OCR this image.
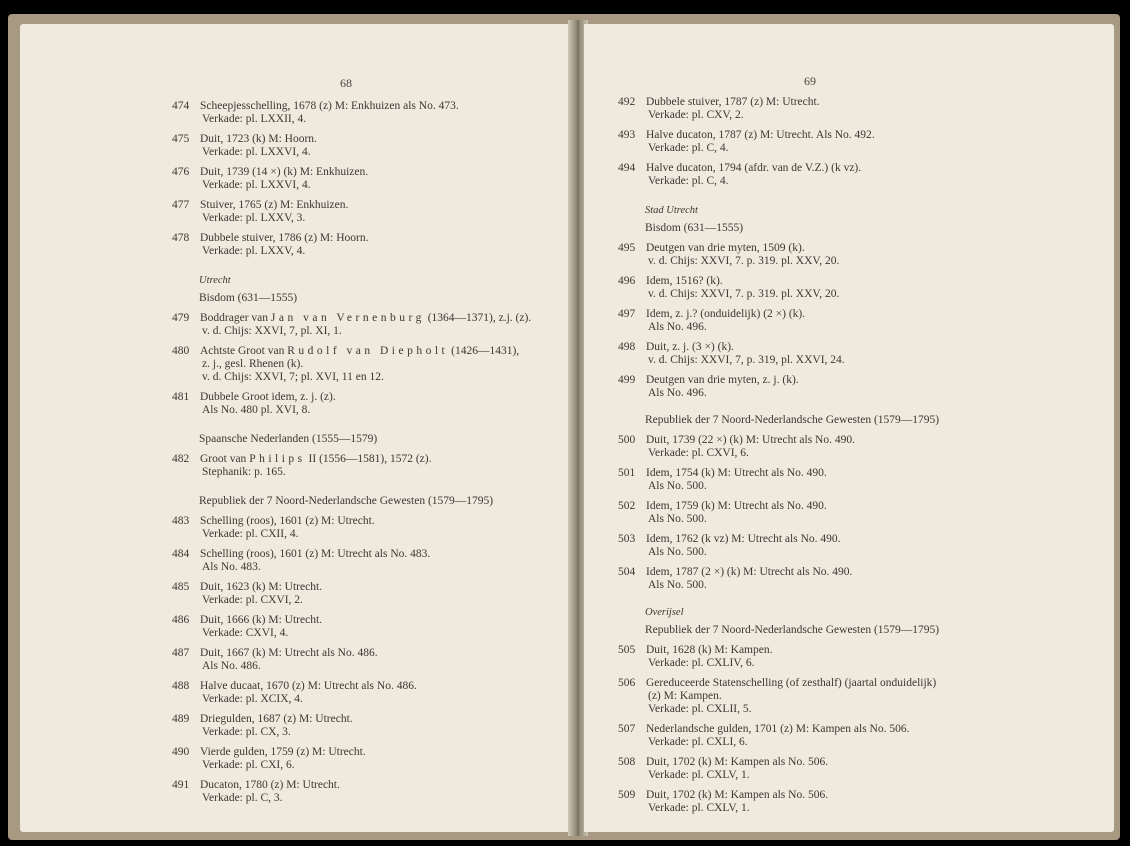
68
474 Scheepjesschelling, 1678 (z) M: Enkhuizen als No. 473.
Verkade: pl. LXXII, 4.
475 Duit, 1723 (k) M: Hoorn.
Verkade: pl. LXXVI, 4.
476 Duit, 1739 (14 ×) (k) M: Enkhuizen.
Verkade: pl. LXXVI, 4.
477 Stuiver, 1765 (z) M: Enkhuizen.
Verkade: pl. LXXV, 3.
478 Dubbele stuiver, 1786 (z) M: Hoorn.
Verkade: pl. LXXV, 4.
Utrecht
Bisdom (631—1555)
479 Boddrager van Jan van Vernenburg (1364—1371), z.j. (z).
v. d. Chijs: XXVI, 7, pl. XI, 1.
480 Achtste Groot van Rudolf van Diepholt (1426—1431),
z. j., gesl. Rhenen (k).
v. d. Chijs: XXVI, 7; pl. XVI, 11 en 12.
481 Dubbele Groot idem, z. j. (z).
Als No. 480 pl. XVI, 8.
Spaansche Nederlanden (1555—1579)
482 Groot van Philips II (1556—1581), 1572 (z).
Stephanik: p. 165.
Republiek der 7 Noord-Nederlandsche Gewesten (1579—1795)
483 Schelling (roos), 1601 (z) M: Utrecht.
Verkade: pl. CXII, 4.
484 Schelling (roos), 1601 (z) M: Utrecht als No. 483.
Als No. 483.
485 Duit, 1623 (k) M: Utrecht.
Verkade: pl. CXVI, 2.
486 Duit, 1666 (k) M: Utrecht.
Verkade: CXVI, 4.
487 Duit, 1667 (k) M: Utrecht als No. 486.
Als No. 486.
488 Halve ducaat, 1670 (z) M: Utrecht als No. 486.
Verkade: pl. XCIX, 4.
489 Driegulden, 1687 (z) M: Utrecht.
Verkade: pl. CX, 3.
490 Vierde gulden, 1759 (z) M: Utrecht.
Verkade: pl. CXI, 6.
491 Ducaton, 1780 (z) M: Utrecht.
Verkade: pl. C, 3.
69
492 Dubbele stuiver, 1787 (z) M: Utrecht.
Verkade: pl. CXV, 2.
493 Halve ducaton, 1787 (z) M: Utrecht. Als No. 492.
Verkade: pl. C, 4.
494 Halve ducaton, 1794 (afdr. van de V.Z.) (k vz).
Verkade: pl. C, 4.
Stad Utrecht
Bisdom (631—1555)
495 Deutgen van drie myten, 1509 (k).
v. d. Chijs: XXVI, 7. p. 319. pl. XXV, 20.
496 Idem, 1516? (k).
v. d. Chijs: XXVI, 7. p. 319. pl. XXV, 20.
497 Idem, z. j.? (onduidelijk) (2 ×) (k).
Als No. 496.
498 Duit, z. j. (3 ×) (k).
v. d. Chijs: XXVI, 7, p. 319, pl. XXVI, 24.
499 Deutgen van drie myten, z. j. (k).
Als No. 496.
Republiek der 7 Noord-Nederlandsche Gewesten (1579—1795)
500 Duit, 1739 (22 ×) (k) M: Utrecht als No. 490.
Verkade: pl. CXVI, 6.
501 Idem, 1754 (k) M: Utrecht als No. 490.
Als No. 500.
502 Idem, 1759 (k) M: Utrecht als No. 490.
Als No. 500.
503 Idem, 1762 (k vz) M: Utrecht als No. 490.
Als No. 500.
504 Idem, 1787 (2 ×) (k) M: Utrecht als No. 490.
Als No. 500.
Overijsel
Republiek der 7 Noord-Nederlandsche Gewesten (1579—1795)
505 Duit, 1628 (k) M: Kampen.
Verkade: pl. CXLIV, 6.
506 Gereduceerde Statenschelling (of zesthalf) (jaartal onduidelijk)
(z) M: Kampen.
Verkade: pl. CXLII, 5.
507 Nederlandsche gulden, 1701 (z) M: Kampen als No. 506.
Verkade: pl. CXLI, 6.
508 Duit, 1702 (k) M: Kampen als No. 506.
Verkade: pl. CXLV, 1.
509 Duit, 1702 (k) M: Kampen als No. 506.
Verkade: pl. CXLV, 1.
